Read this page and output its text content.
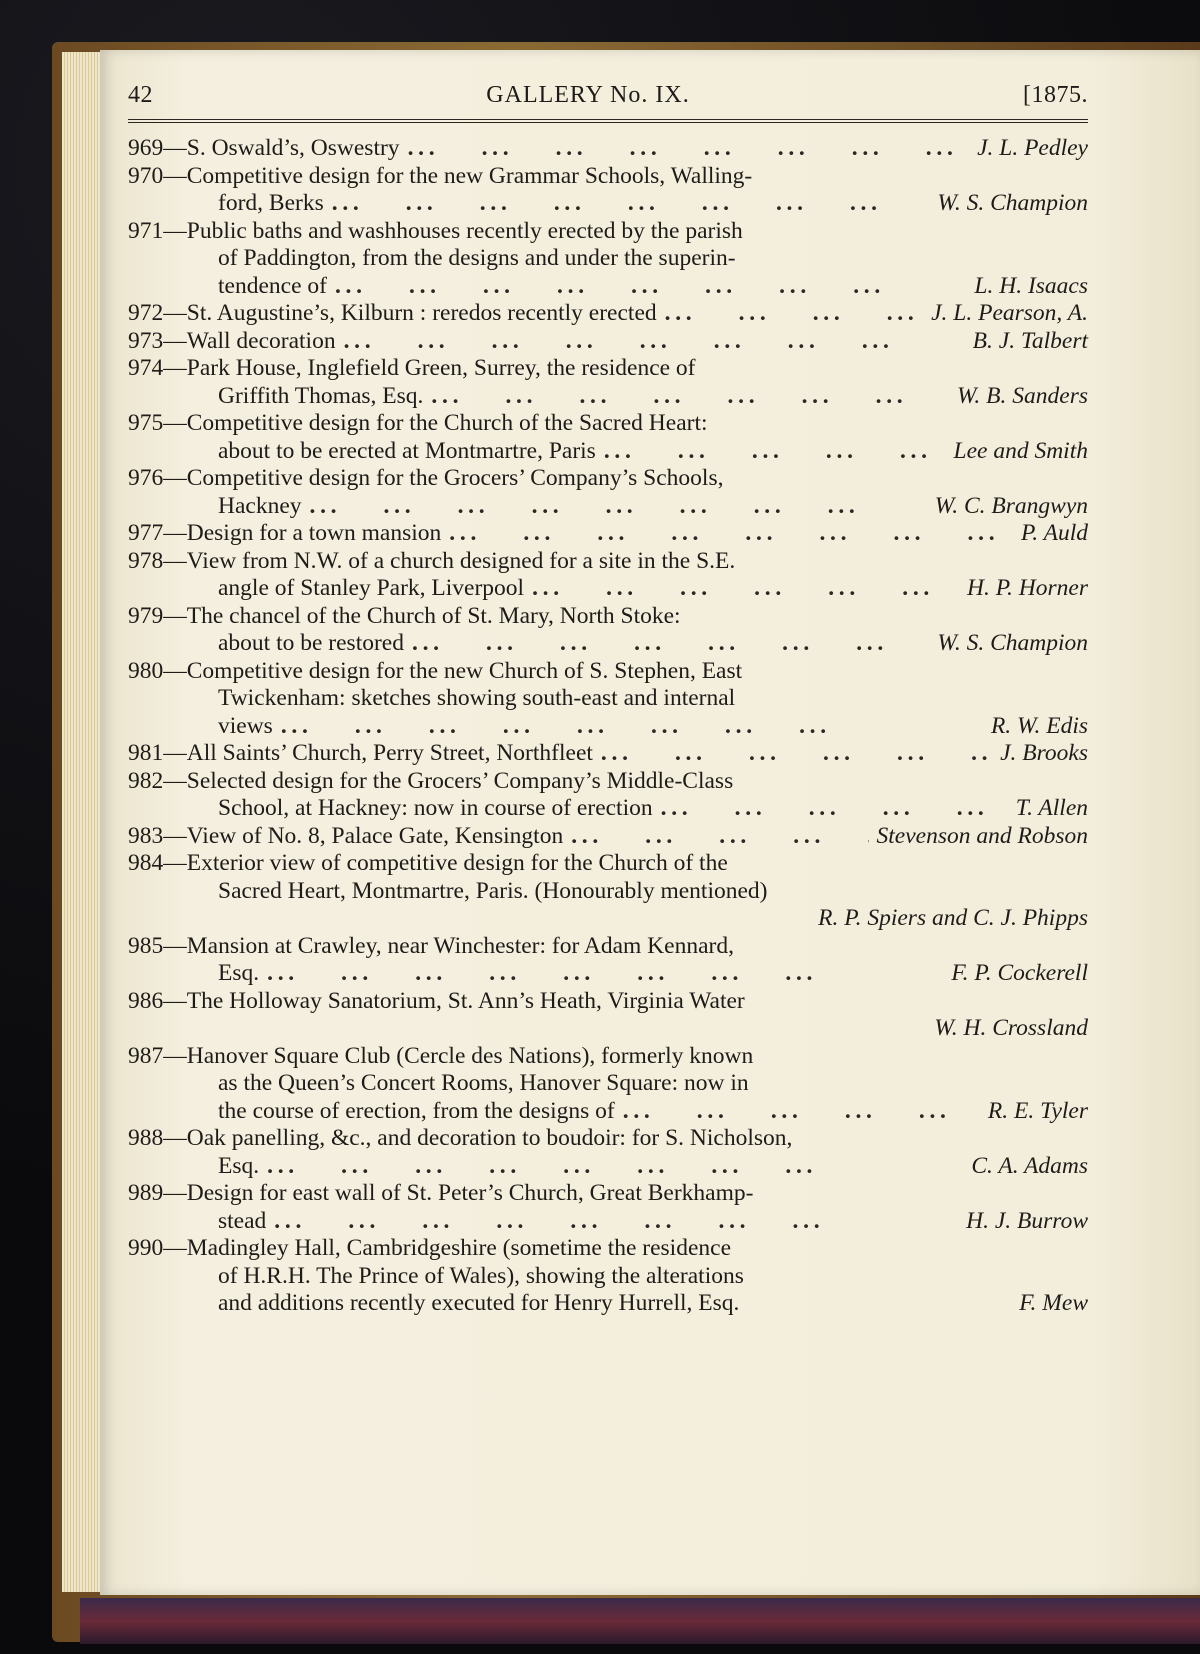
42	GALLERY No. IX.	[1875.
969—S. Oswald’s, Oswestry . . .	J. L. Pedley
970—Competitive design for the new Grammar Schools, Walling-
ford, Berks . . .	W. S. Champion
971—Public baths and washhouses recently erected by the parish
of Paddington, from the designs and under the superin-
tendence of . . .	L. H. Isaacs
972—St. Augustine’s, Kilburn : reredos recently erected . . .	J. L. Pearson, A.
973—Wall decoration . . .	B. J. Talbert
974—Park House, Inglefield Green, Surrey, the residence of
Griffith Thomas, Esq. . . .	W. B. Sanders
975—Competitive design for the Church of the Sacred Heart:
about to be erected at Montmartre, Paris . . .	Lee and Smith
976—Competitive design for the Grocers’ Company’s Schools,
Hackney . . .	W. C. Brangwyn
977—Design for a town mansion . . .	P. Auld
978—View from N.W. of a church designed for a site in the S.E.
angle of Stanley Park, Liverpool . . .	H. P. Horner
979—The chancel of the Church of St. Mary, North Stoke:
about to be restored . . .	W. S. Champion
980—Competitive design for the new Church of S. Stephen, East
Twickenham: sketches showing south-east and internal
views . . .	R. W. Edis
981—All Saints’ Church, Perry Street, Northfleet . . .	J. Brooks
982—Selected design for the Grocers’ Company’s Middle-Class
School, at Hackney: now in course of erection . . .	T. Allen
983—View of No. 8, Palace Gate, Kensington . . .	Stevenson and Robson
984—Exterior view of competitive design for the Church of the
Sacred Heart, Montmartre, Paris. (Honourably mentioned)
R. P. Spiers and C. J. Phipps
985—Mansion at Crawley, near Winchester: for Adam Kennard,
Esq. . . .	F. P. Cockerell
986—The Holloway Sanatorium, St. Ann’s Heath, Virginia Water
W. H. Crossland
987—Hanover Square Club (Cercle des Nations), formerly known
as the Queen’s Concert Rooms, Hanover Square: now in
the course of erection, from the designs of . . .	R. E. Tyler
988—Oak panelling, &c., and decoration to boudoir: for S. Nicholson,
Esq. . . .	C. A. Adams
989—Design for east wall of St. Peter’s Church, Great Berkhamp-
stead . . .	H. J. Burrow
990—Madingley Hall, Cambridgeshire (sometime the residence
of H.R.H. The Prince of Wales), showing the alterations
and additions recently executed for Henry Hurrell, Esq.	F. Mew
